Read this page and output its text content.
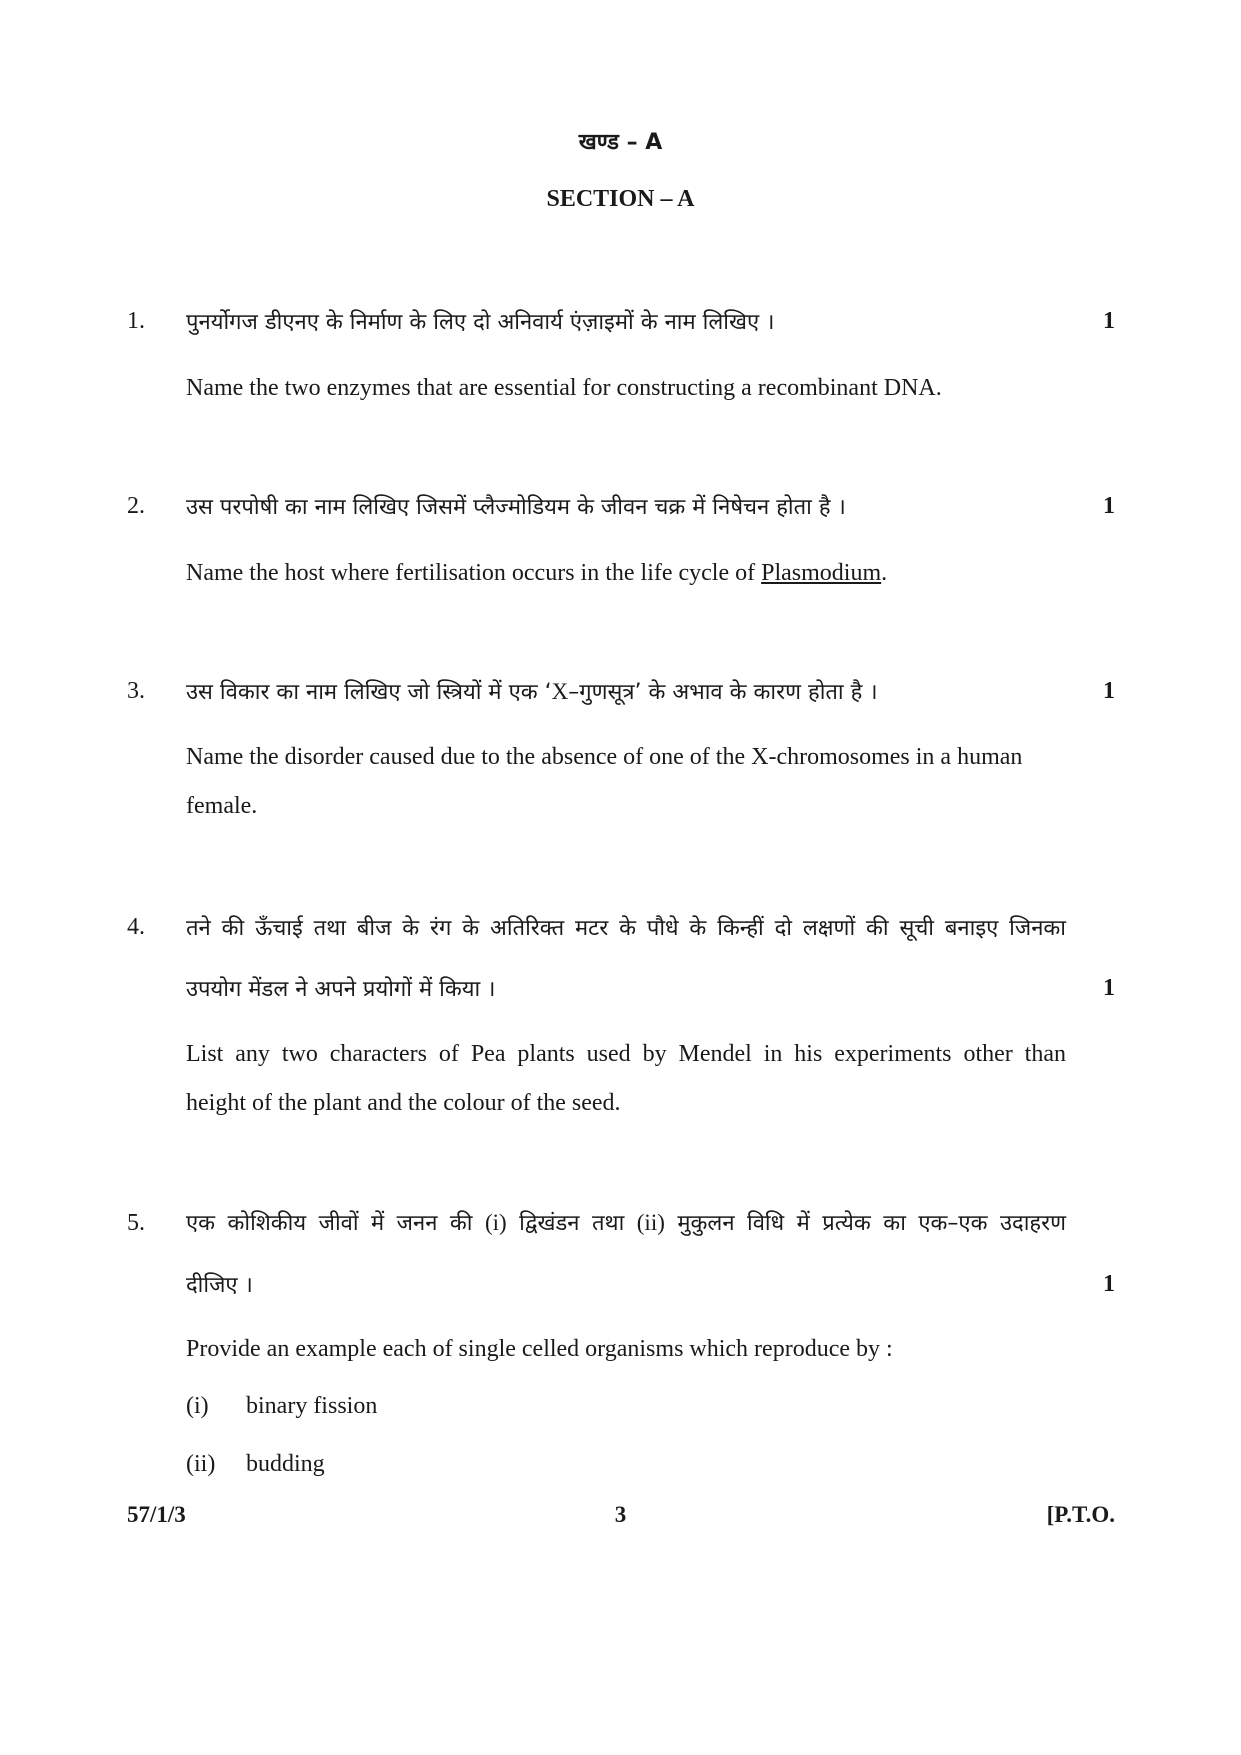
खण्ड – A
SECTION – A
1. पुनर्योगज डीएनए के निर्माण के लिए दो अनिवार्य एंज़ाइमों के नाम लिखिए ।	1
Name the two enzymes that are essential for constructing a recombinant DNA.
2. उस परपोषी का नाम लिखिए जिसमें प्लैज्मोडियम के जीवन चक्र में निषेचन होता है ।	1
Name the host where fertilisation occurs in the life cycle of Plasmodium.
3. उस विकार का नाम लिखिए जो स्त्रियों में एक ‘X–गुणसूत्र’ के अभाव के कारण होता है ।	1
Name the disorder caused due to the absence of one of the X-chromosomes in a human
female.
4. तने की ऊँचाई तथा बीज के रंग के अतिरिक्त मटर के पौधे के किन्हीं दो लक्षणों की सूची बनाइए जिनका
उपयोग मेंडल ने अपने प्रयोगों में किया ।	1
List any two characters of Pea plants used by Mendel in his experiments other than
height of the plant and the colour of the seed.
5. एक कोशिकीय जीवों में जनन की (i) द्विखंडन तथा (ii) मुकुलन विधि में प्रत्येक का एक–एक उदाहरण
दीजिए ।	1
Provide an example each of single celled organisms which reproduce by :
(i) binary fission
(ii) budding
57/1/3	3	[P.T.O.
